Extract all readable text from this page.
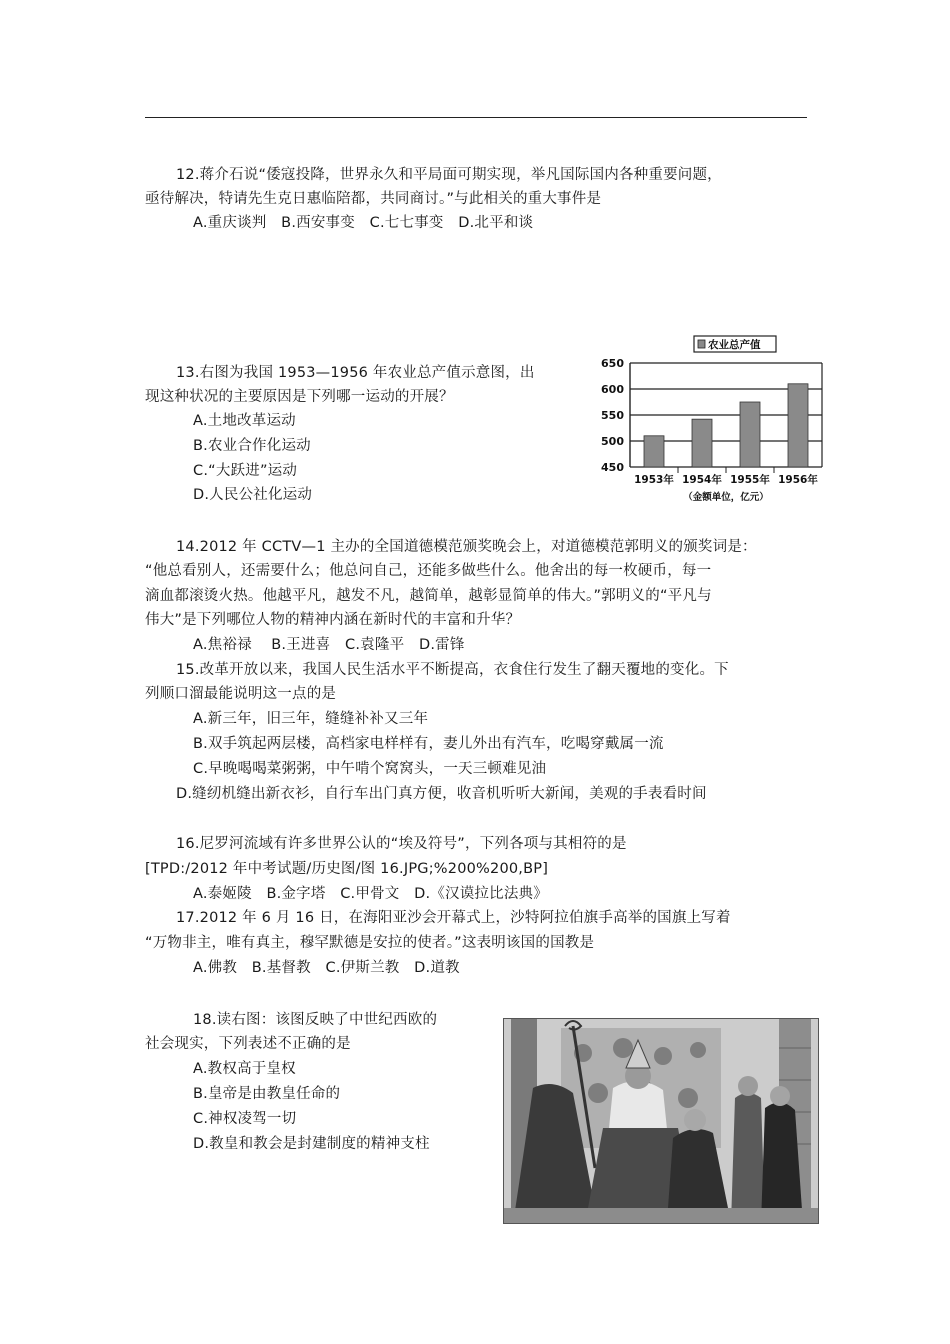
12.蒋介石说“倭寇投降，世界永久和平局面可期实现，举凡国际国内各种重要问题，
亟待解决，特请先生克日惠临陪都，共同商讨。”与此相关的重大事件是
A.重庆谈判　B.西安事变　C.七七事变　D.北平和谈
13.右图为我国 1953—1956 年农业总产值示意图，出
现这种状况的主要原因是下列哪一运动的开展？
A.土地改革运动
B.农业合作化运动
C.“大跃进”运动
D.人民公社化运动
农业总产值
650
600
550
500
450
1953年 1954年 1955年 1956年
（金额单位，亿元）
14.2012 年 CCTV—1 主办的全国道德模范颁奖晚会上，对道德模范郭明义的颁奖词是：
“他总看别人，还需要什么；他总问自己，还能多做些什么。他舍出的每一枚硬币，每一
滴血都滚烫火热。他越平凡，越发不凡，越简单，越彰显简单的伟大。”郭明义的“平凡与
伟大”是下列哪位人物的精神内涵在新时代的丰富和升华？
A.焦裕禄　 B.王进喜　C.袁隆平　D.雷锋
15.改革开放以来，我国人民生活水平不断提高，衣食住行发生了翻天覆地的变化。下
列顺口溜最能说明这一点的是
A.新三年，旧三年，缝缝补补又三年
B.双手筑起两层楼，高档家电样样有，妻儿外出有汽车，吃喝穿戴属一流
C.早晚喝喝菜粥粥，中午啃个窝窝头，一天三顿难见油
D.缝纫机缝出新衣衫，自行车出门真方便，收音机听听大新闻，美观的手表看时间
16.尼罗河流域有许多世界公认的“埃及符号”，下列各项与其相符的是
[TPD:/2012 年中考试题/历史图/图 16.JPG;%200%200,BP]
A.泰姬陵　B.金字塔　C.甲骨文　D.《汉谟拉比法典》
17.2012 年 6 月 16 日，在海阳亚沙会开幕式上，沙特阿拉伯旗手高举的国旗上写着
“万物非主，唯有真主，穆罕默德是安拉的使者。”这表明该国的国教是
A.佛教　B.基督教　C.伊斯兰教　D.道教
18.读右图：该图反映了中世纪西欧的
社会现实，下列表述不正确的是
A.教权高于皇权
B.皇帝是由教皇任命的
C.神权凌驾一切
D.教皇和教会是封建制度的精神支柱
